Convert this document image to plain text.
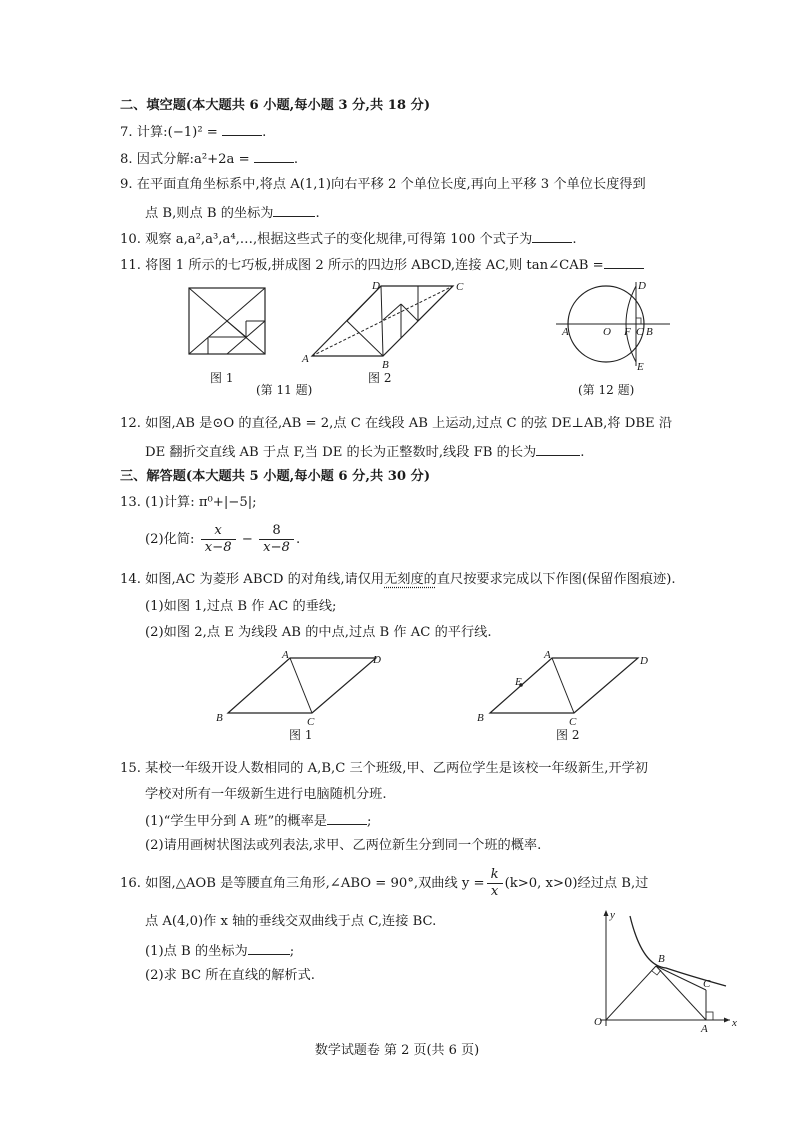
二、填空题(本大题共 6 小题,每小题 3 分,共 18 分)
7. 计算:(−1)² =	.
8. 因式分解:a²+2a =	.
9. 在平面直角坐标系中,将点 A(1,1)向右平移 2 个单位长度,再向上平移 3 个单位长度得到
点 B,则点 B 的坐标为	.
10. 观察 a,a²,a³,a⁴,…,根据这些式子的变化规律,可得第 100 个式子为	.
11. 将图 1 所示的七巧板,拼成图 2 所示的四边形 ABCD,连接 AC,则 tan∠CAB =
图 1
(第 11 题)
A	B
C
D
图 2
A	O F C B
D
E
(第 12 题)
12. 如图,AB 是⊙O 的直径,AB = 2,点 C 在线段 AB 上运动,过点 C 的弦 DE⊥AB,将 DBE 沿
DE 翻折交直线 AB 于点 F,当 DE 的长为正整数时,线段 FB 的长为	.
三、解答题(本大题共 5 小题,每小题 6 分,共 30 分)
13. (1)计算: π⁰+|−5|;
(2)化简: $\frac{x}{x-8} - \frac{8}{x-8}$ .
14. 如图,AC 为菱形 ABCD 的对角线,请仅用无刻度的直尺按要求完成以下作图(保留作图痕迹).
(1)如图 1,过点 B 作 AC 的垂线;
(2)如图 2,点 E 为线段 AB 的中点,过点 B 作 AC 的平行线.
A
B	C
D
图 1
A
B	C
D
E
图 2
15. 某校一年级开设人数相同的 A,B,C 三个班级,甲、乙两位学生是该校一年级新生,开学初
学校对所有一年级新生进行电脑随机分班.
(1)“学生甲分到 A 班”的概率是	;
(2)请用画树状图法或列表法,求甲、乙两位新生分到同一个班的概率.
16. 如图,△AOB 是等腰直角三角形,∠ABO = 90°,双曲线 $y = \frac{k}{x} (k>0$, x>0)经过点 B,过
点 A(4,0)作 x 轴的垂线交双曲线于点 C,连接 BC.
(1)点 B 的坐标为	;
(2)求 BC 所在直线的解析式.
y
x
O
B
C
A
数学试题卷 第 2 页(共 6 页)
